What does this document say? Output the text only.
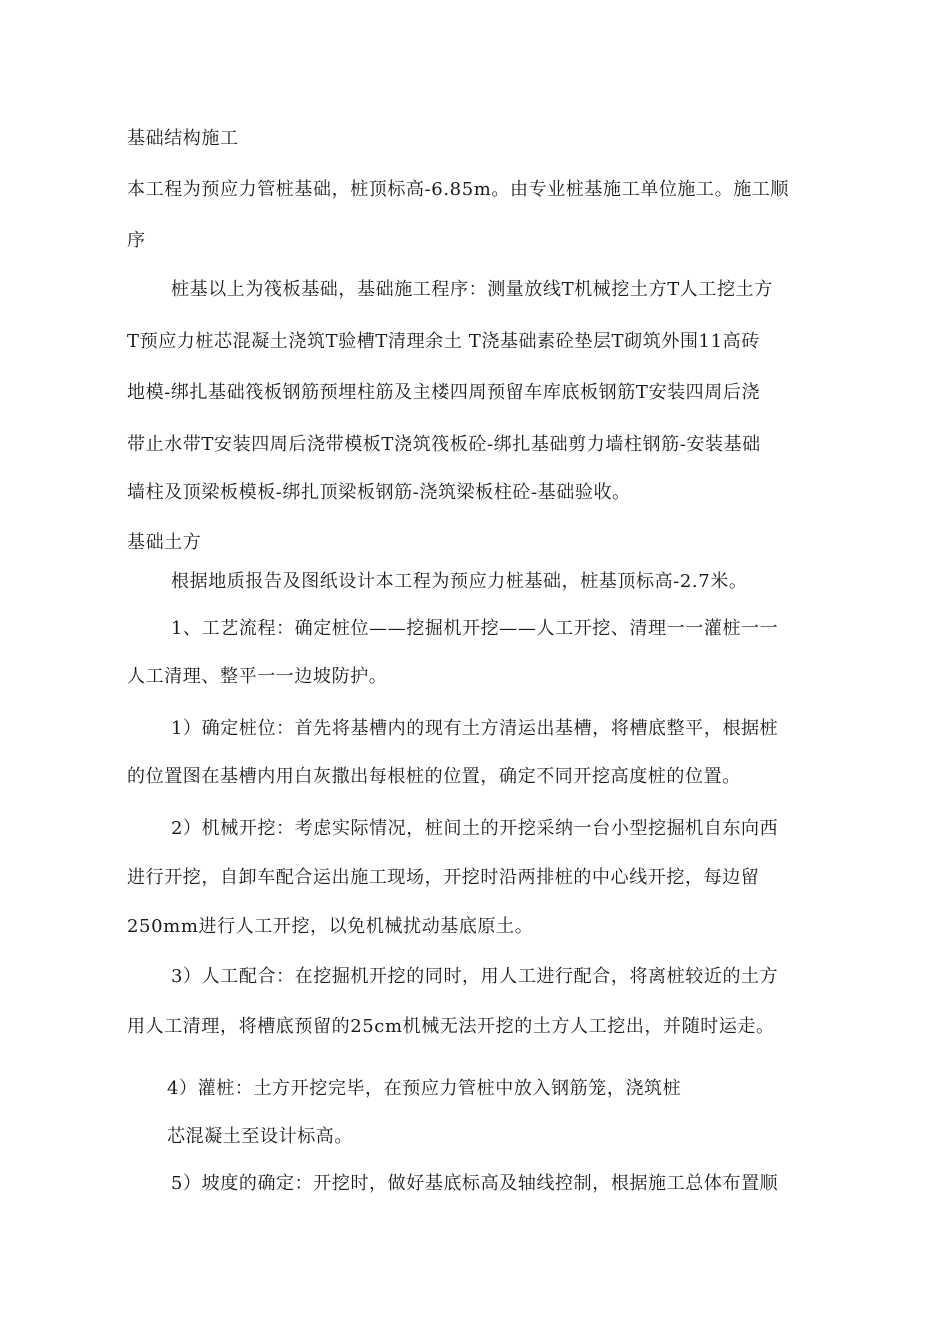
基础结构施工
本工程为预应力管桩基础，桩顶标高-6.85m。由专业桩基施工单位施工。施工顺
序
桩基以上为筏板基础，基础施工程序：测量放线T机械挖土方T人工挖土方
T预应力桩芯混凝土浇筑T验槽T清理余土 T浇基础素砼垫层T砌筑外围11高砖
地模-绑扎基础筏板钢筋预埋柱筋及主楼四周预留车库底板钢筋T安装四周后浇
带止水带T安装四周后浇带模板T浇筑筏板砼-绑扎基础剪力墙柱钢筋-安装基础
墙柱及顶梁板模板-绑扎顶梁板钢筋-浇筑梁板柱砼-基础验收。
基础土方
根据地质报告及图纸设计本工程为预应力桩基础，桩基顶标高-2.7米。
1、工艺流程：确定桩位——挖掘机开挖——人工开挖、清理一一灌桩一一
人工清理、整平一一边坡防护。
1）确定桩位：首先将基槽内的现有土方清运出基槽，将槽底整平，根据桩
的位置图在基槽内用白灰撒出每根桩的位置，确定不同开挖高度桩的位置。
2）机械开挖：考虑实际情况，桩间土的开挖采纳一台小型挖掘机自东向西
进行开挖，自卸车配合运出施工现场，开挖时沿两排桩的中心线开挖，每边留
250mm进行人工开挖，以免机械扰动基底原土。
3）人工配合：在挖掘机开挖的同时，用人工进行配合，将离桩较近的土方
用人工清理，将槽底预留的25cm机械无法开挖的土方人工挖出，并随时运走。
4）灌桩：土方开挖完毕，在预应力管桩中放入钢筋笼，浇筑桩
芯混凝土至设计标高。
5）坡度的确定：开挖时，做好基底标高及轴线控制，根据施工总体布置顺
